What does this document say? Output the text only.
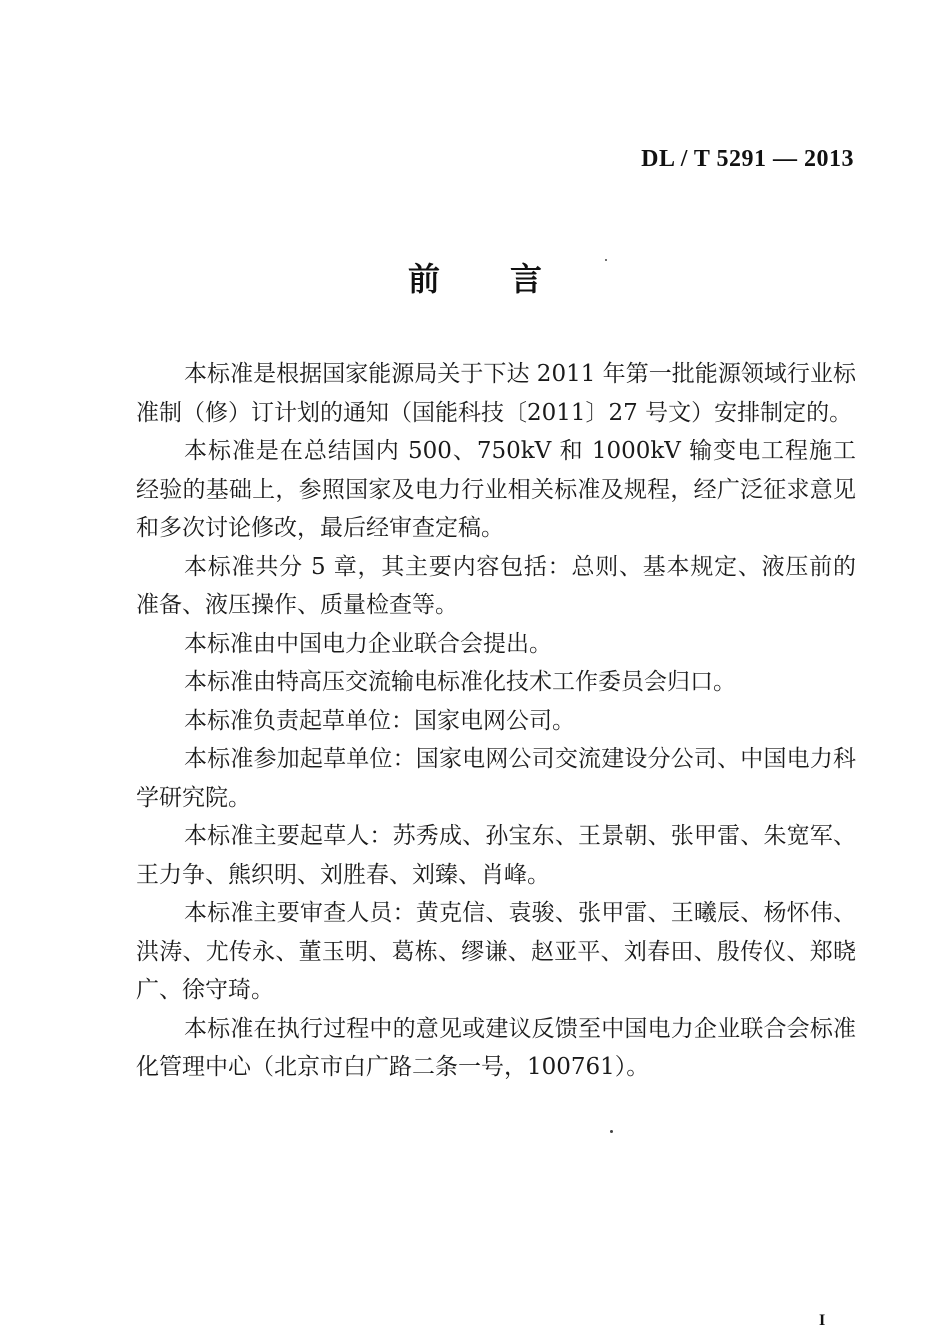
DL / T 5291 — 2013
前言

本标准是根据国家能源局关于下达 2011 年第一批能源领域行业标准制（修）订计划的通知（国能科技〔2011〕27 号文）安排制定的。

本标准是在总结国内 500、750kV 和 1000kV 输变电工程施工经验的基础上，参照国家及电力行业相关标准及规程，经广泛征求意见和多次讨论修改，最后经审查定稿。

本标准共分 5 章，其主要内容包括：总则、基本规定、液压前的准备、液压操作、质量检查等。

本标准由中国电力企业联合会提出。

本标准由特高压交流输电标准化技术工作委员会归口。

本标准负责起草单位：国家电网公司。

本标准参加起草单位：国家电网公司交流建设分公司、中国电力科学研究院。

本标准主要起草人：苏秀成、孙宝东、王景朝、张甲雷、朱宽军、王力争、熊织明、刘胜春、刘臻、肖峰。

本标准主要审查人员：黄克信、袁骏、张甲雷、王曦辰、杨怀伟、洪涛、尤传永、董玉明、葛栋、缪谦、赵亚平、刘春田、殷传仪、郑晓广、徐守琦。

本标准在执行过程中的意见或建议反馈至中国电力企业联合会标准化管理中心（北京市白广路二条一号，100761）。

I
